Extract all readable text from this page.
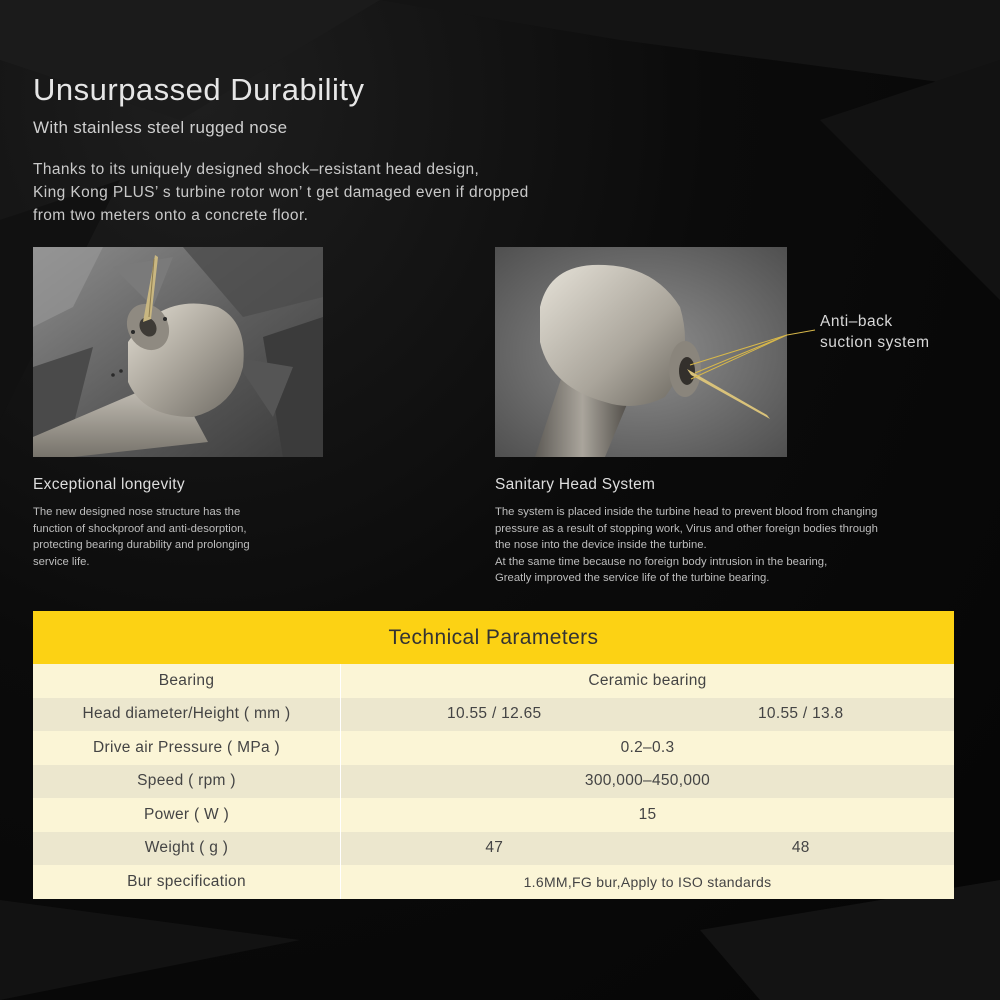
Unsurpassed Durability
With stainless steel rugged nose

Thanks to its uniquely designed shock–resistant head design,
King Kong PLUS’ s turbine rotor won’ t get damaged even if dropped
from two meters onto a concrete floor.

Anti–back
suction system
Exceptional longevity

The new designed nose structure has the
function of shockproof and anti-desorption,
protecting bearing durability and prolonging
service life.

Sanitary Head System

The system is placed inside the turbine head to prevent blood from changing
pressure as a result of stopping work, Virus and other foreign bodies through
the nose into the device inside the turbine.
At the same time because no foreign body intrusion in the bearing,
Greatly improved the service life of the turbine bearing.

Technical Parameters
Bearing	Ceramic bearing
Head diameter/Height ( mm )	10.55 / 12.65	10.55 / 13.8
Drive air Pressure ( MPa )	0.2–0.3
Speed ( rpm )	300,000–450,000
Power ( W )	15
Weight ( g )	47	48
Bur specification	1.6MM,FG bur,Apply to ISO standards
